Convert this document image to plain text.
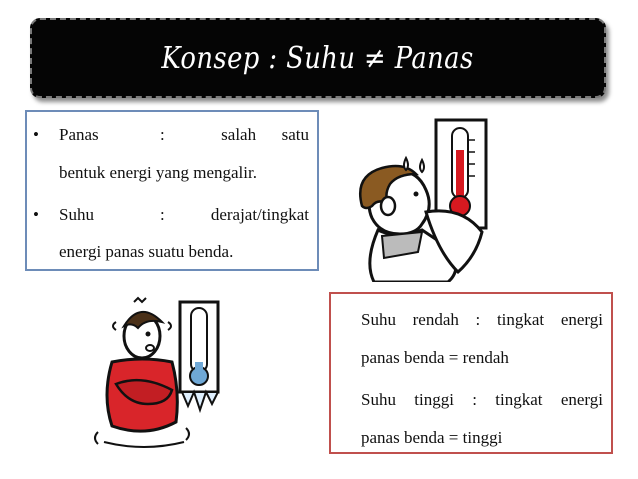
Konsep : Suhu ≠ Panas
• Panas	:	salah      satu
bentuk energi yang mengalir.
• Suhu	:	derajat/tingkat
energi panas suatu benda.
Suhu rendah : tingkat energi
panas benda = rendah
Suhu tinggi : tingkat energi
panas benda = tinggi
